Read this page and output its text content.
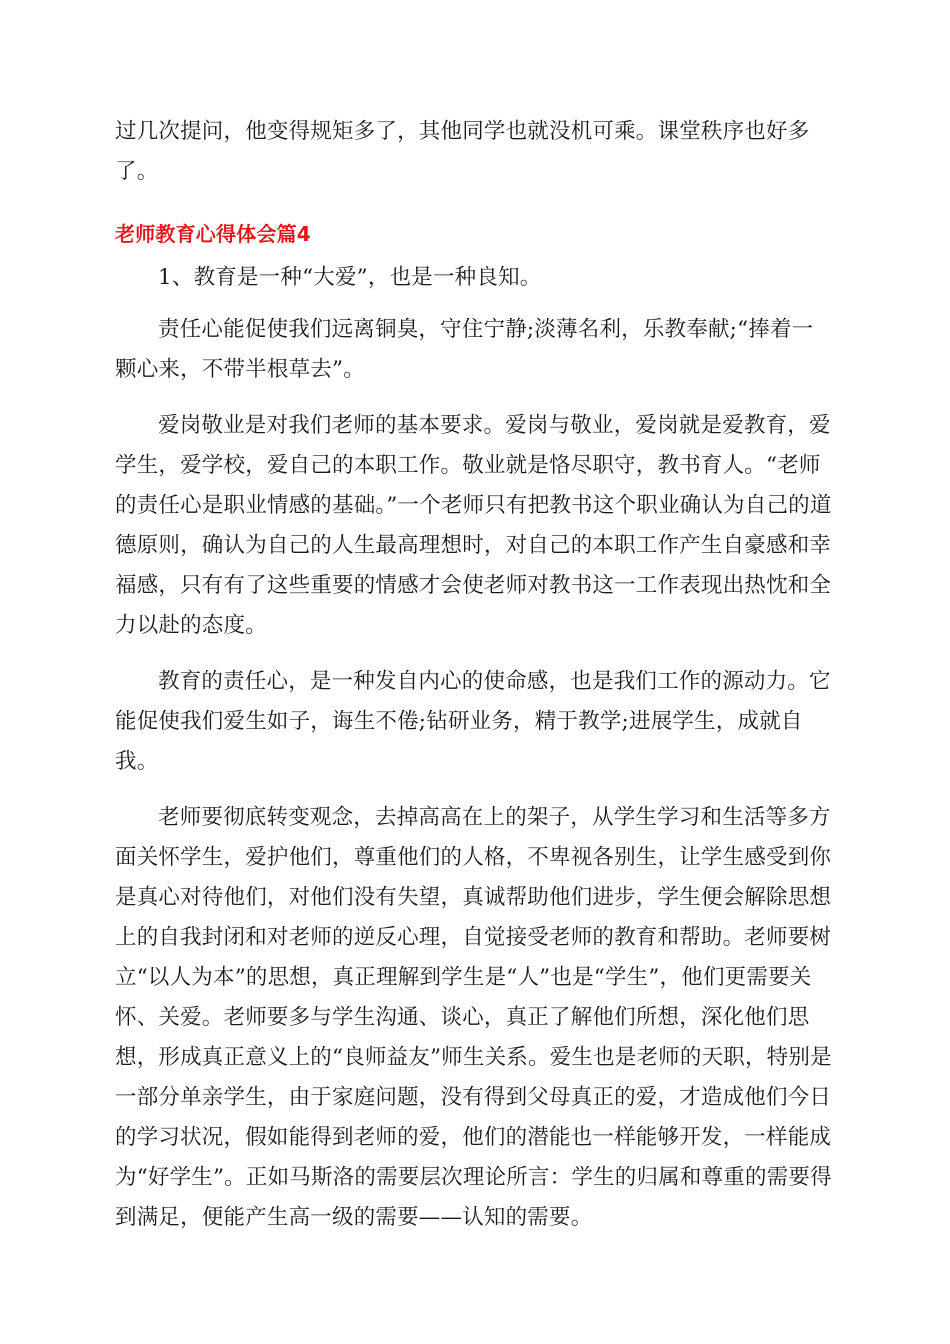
过几次提问，他变得规矩多了，其他同学也就没机可乘。课堂秩序也好多了。

老师教育心得体会篇4

1、教育是一种“大爱”，也是一种良知。

责任心能促使我们远离铜臭，守住宁静;淡薄名利，乐教奉献;“捧着一颗心来，不带半根草去”。

爱岗敬业是对我们老师的基本要求。爱岗与敬业，爱岗就是爱教育，爱学生，爱学校，爱自己的本职工作。敬业就是恪尽职守，教书育人。“老师的责任心是职业情感的基础。”一个老师只有把教书这个职业确认为自己的道德原则，确认为自己的人生最高理想时，对自己的本职工作产生自豪感和幸福感，只有有了这些重要的情感才会使老师对教书这一工作表现出热忱和全力以赴的态度。

教育的责任心，是一种发自内心的使命感，也是我们工作的源动力。它能促使我们爱生如子，诲生不倦;钻研业务，精于教学;进展学生，成就自我。

老师要彻底转变观念，去掉高高在上的架子，从学生学习和生活等多方面关怀学生，爱护他们，尊重他们的人格，不卑视各别生，让学生感受到你是真心对待他们，对他们没有失望，真诚帮助他们进步，学生便会解除思想上的自我封闭和对老师的逆反心理，自觉接受老师的教育和帮助。老师要树立“以人为本”的思想，真正理解到学生是“人”也是“学生”，他们更需要关怀、关爱。老师要多与学生沟通、谈心，真正了解他们所想，深化他们思想，形成真正意义上的“良师益友”师生关系。爱生也是老师的天职，特别是一部分单亲学生，由于家庭问题，没有得到父母真正的爱，才造成他们今日的学习状况，假如能得到老师的爱，他们的潜能也一样能够开发，一样能成为“好学生”。正如马斯洛的需要层次理论所言：学生的归属和尊重的需要得到满足，便能产生高一级的需要——认知的需要。
